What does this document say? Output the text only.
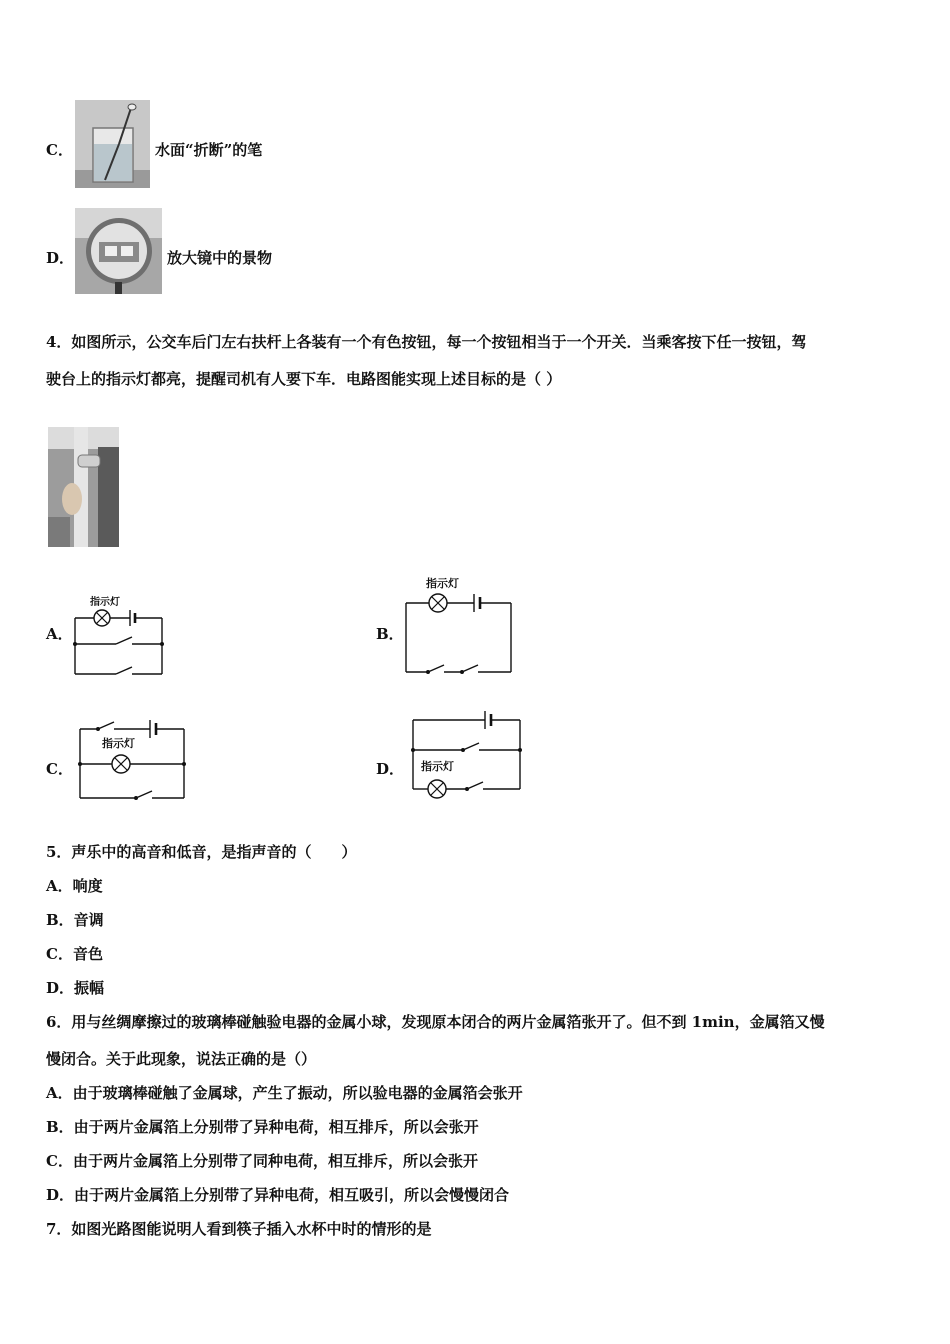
C．	水面“折断”的笔
D．	放大镜中的景物
4．如图所示，公交车后门左右扶杆上各装有一个有色按钮，每一个按钮相当于一个开关．当乘客按下任一按钮，驾
驶台上的指示灯都亮，提醒司机有人要下车．电路图能实现上述目标的是（ ）
A．
指示灯
B．
指示灯
C．
指示灯
D． 指示灯
5．声乐中的高音和低音，是指声音的（　　）
A．响度
B．音调
C．音色
D．振幅
6．用与丝绸摩擦过的玻璃棒碰触验电器的金属小球，发现原本闭合的两片金属箔张开了。但不到 1min，金属箔又慢
慢闭合。关于此现象，说法正确的是（）
A．由于玻璃棒碰触了金属球，产生了振动，所以验电器的金属箔会张开
B．由于两片金属箔上分别带了异种电荷，相互排斥，所以会张开
C．由于两片金属箔上分别带了同种电荷，相互排斥，所以会张开
D．由于两片金属箔上分别带了异种电荷，相互吸引，所以会慢慢闭合
7．如图光路图能说明人看到筷子插入水杯中时的情形的是
